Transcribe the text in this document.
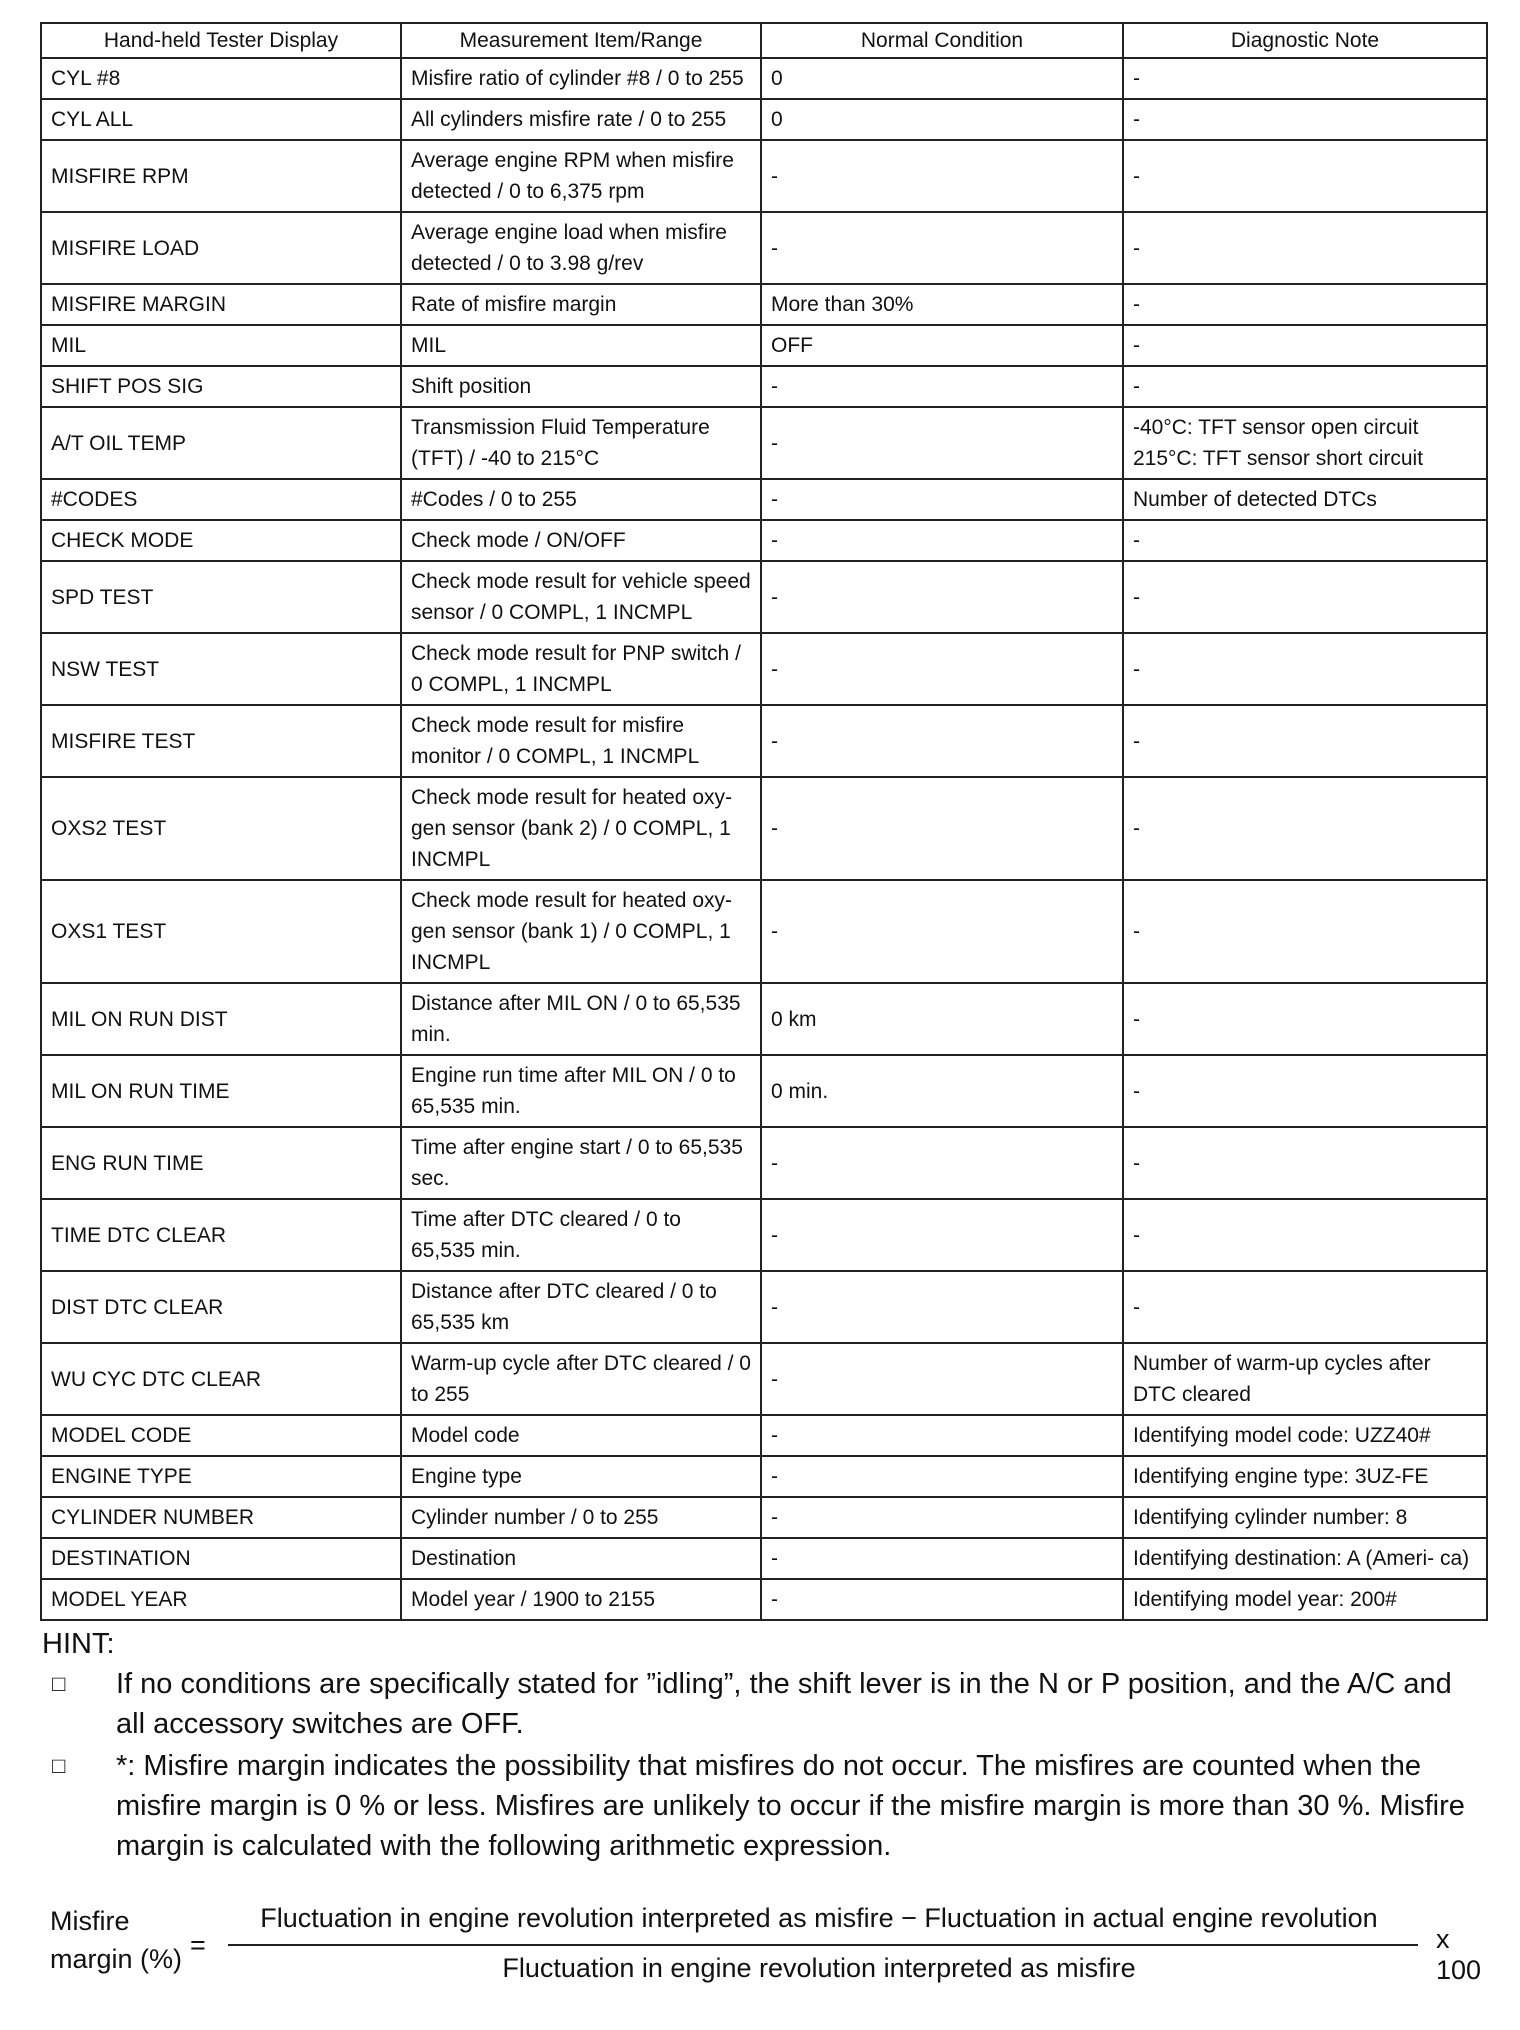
Hand-held Tester Display	Measurement Item/Range	Normal Condition	Diagnostic Note
CYL #8	Misfire ratio of cylinder #8 / 0 to 255	0	-
CYL ALL	All cylinders misfire rate / 0 to 255	0	-
MISFIRE RPM	Average engine RPM when misfire detected / 0 to 6,375 rpm	-	-
MISFIRE LOAD	Average engine load when misfire detected / 0 to 3.98 g/rev	-	-
MISFIRE MARGIN	Rate of misfire margin	More than 30%	-
MIL	MIL	OFF	-
SHIFT POS SIG	Shift position	-	-
A/T OIL TEMP	Transmission Fluid Temperature (TFT) / -40 to 215°C	-	-40°C: TFT sensor open circuit
215°C: TFT sensor short circuit
#CODES	#Codes / 0 to 255	-	Number of detected DTCs
CHECK MODE	Check mode / ON/OFF	-	-
SPD TEST	Check mode result for vehicle speed sensor / 0 COMPL, 1 INCMPL	-	-
NSW TEST	Check mode result for PNP switch / 0 COMPL, 1 INCMPL	-	-
MISFIRE TEST	Check mode result for misfire monitor / 0 COMPL, 1 INCMPL	-	-
OXS2 TEST	Check mode result for heated oxy- gen sensor (bank 2) / 0 COMPL, 1 INCMPL	-	-
OXS1 TEST	Check mode result for heated oxy- gen sensor (bank 1) / 0 COMPL, 1 INCMPL	-	-
MIL ON RUN DIST	Distance after MIL ON / 0 to 65,535 min.	0 km	-
MIL ON RUN TIME	Engine run time after MIL ON / 0 to 65,535 min.	0 min.	-
ENG RUN TIME	Time after engine start / 0 to 65,535 sec.	-	-
TIME DTC CLEAR	Time after DTC cleared / 0 to 65,535 min.	-	-
DIST DTC CLEAR	Distance after DTC cleared / 0 to 65,535 km	-	-
WU CYC DTC CLEAR	Warm-up cycle after DTC cleared / 0 to 255	-	Number of warm-up cycles after DTC cleared
MODEL CODE	Model code	-	Identifying model code: UZZ40#
ENGINE TYPE	Engine type	-	Identifying engine type: 3UZ-FE
CYLINDER NUMBER	Cylinder number / 0 to 255	-	Identifying cylinder number: 8
DESTINATION	Destination	-	Identifying destination: A (Ameri- ca)
MODEL YEAR	Model year / 1900 to 2155	-	Identifying model year: 200#
HINT:
□	If no conditions are specifically stated for ”idling”, the shift lever is in the N or P position, and the A/C and all accessory switches are OFF.
□	*: Misfire margin indicates the possibility that misfires do not occur. The misfires are counted when the misfire margin is 0 % or less. Misfires are unlikely to occur if the misfire margin is more than 30 %. Misfire margin is calculated with the following arithmetic expression.
Misfire
margin (%) =
Fluctuation in engine revolution interpreted as misfire − Fluctuation in actual engine revolution
Fluctuation in engine revolution interpreted as misfire
x 100
